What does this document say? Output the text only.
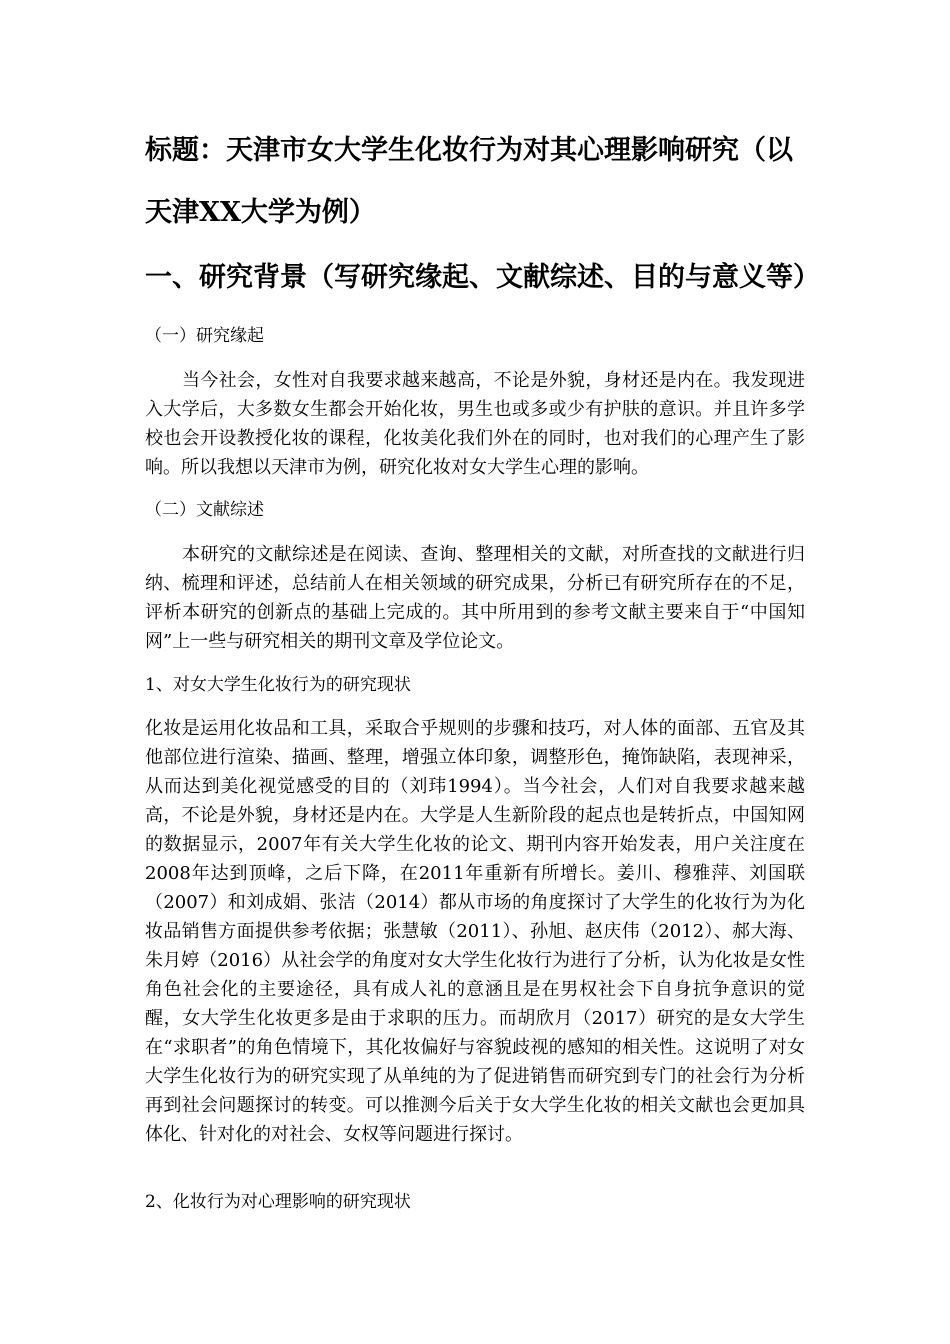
标题：天津市女大学生化妆行为对其心理影响研究（以天津XX大学为例）
一、研究背景（写研究缘起、文献综述、目的与意义等）

（一）研究缘起

当今社会，女性对自我要求越来越高，不论是外貌，身材还是内在。我发现进入大学后，大多数女生都会开始化妆，男生也或多或少有护肤的意识。并且许多学校也会开设教授化妆的课程，化妆美化我们外在的同时，也对我们的心理产生了影响。所以我想以天津市为例，研究化妆对女大学生心理的影响。

（二）文献综述

本研究的文献综述是在阅读、查询、整理相关的文献，对所查找的文献进行归纳、梳理和评述，总结前人在相关领域的研究成果，分析已有研究所存在的不足，评析本研究的创新点的基础上完成的。其中所用到的参考文献主要来自于“中国知网”上一些与研究相关的期刊文章及学位论文。

1、对女大学生化妆行为的研究现状

化妆是运用化妆品和工具，采取合乎规则的步骤和技巧，对人体的面部、五官及其他部位进行渲染、描画、整理，增强立体印象，调整形色，掩饰缺陷，表现神采，从而达到美化视觉感受的目的（刘玮1994）。当今社会，人们对自我要求越来越高，不论是外貌，身材还是内在。大学是人生新阶段的起点也是转折点，中国知网的数据显示，2007年有关大学生化妆的论文、期刊内容开始发表，用户关注度在2008年达到顶峰，之后下降，在2011年重新有所增长。姜川、穆雅萍、刘国联（2007）和刘成娟、张洁（2014）都从市场的角度探讨了大学生的化妆行为为化妆品销售方面提供参考依据；张慧敏（2011）、孙旭、赵庆伟（2012）、郝大海、朱月婷（2016）从社会学的角度对女大学生化妆行为进行了分析，认为化妆是女性角色社会化的主要途径，具有成人礼的意涵且是在男权社会下自身抗争意识的觉醒，女大学生化妆更多是由于求职的压力。而胡欣月（2017）研究的是女大学生在“求职者”的角色情境下，其化妆偏好与容貌歧视的感知的相关性。这说明了对女大学生化妆行为的研究实现了从单纯的为了促进销售而研究到专门的社会行为分析再到社会问题探讨的转变。可以推测今后关于女大学生化妆的相关文献也会更加具体化、针对化的对社会、女权等问题进行探讨。

2、化妆行为对心理影响的研究现状
